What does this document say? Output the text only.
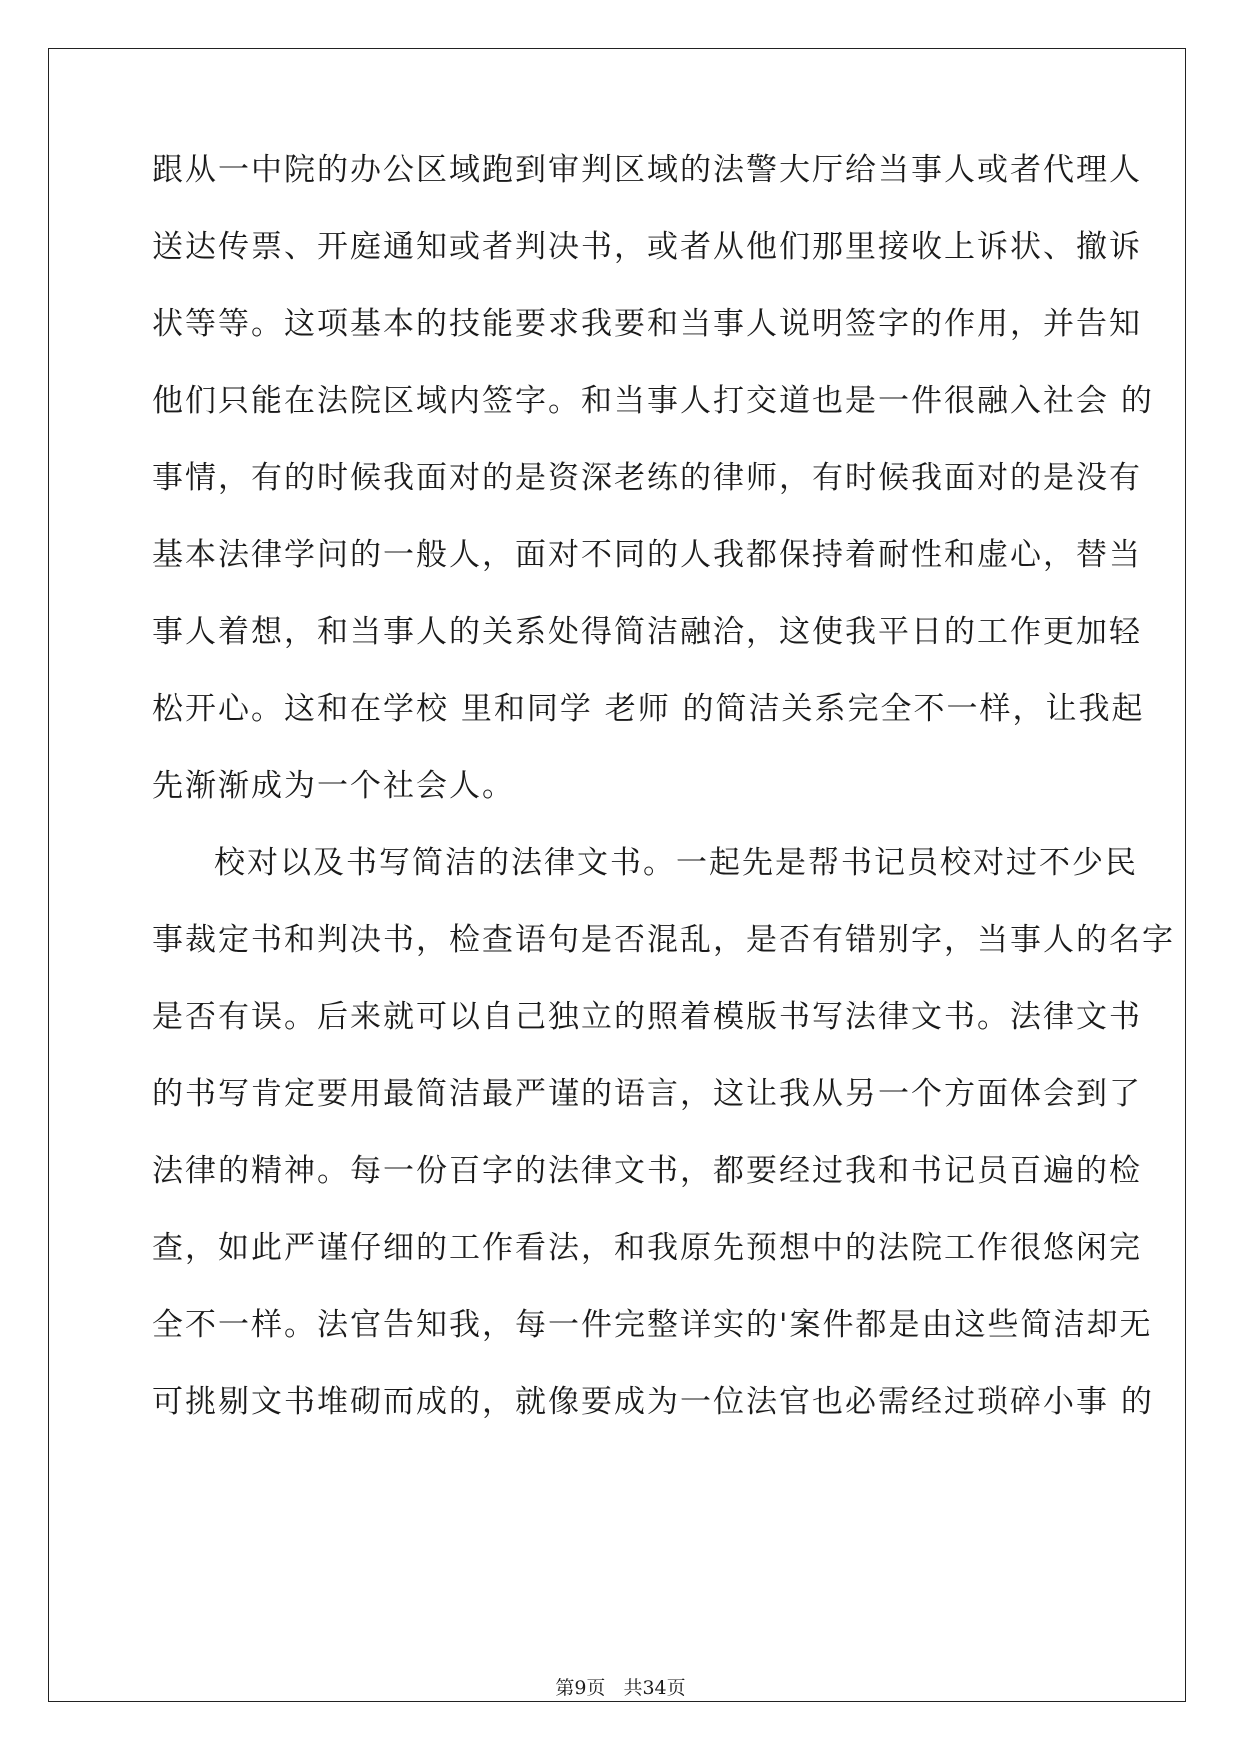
跟从一中院的办公区域跑到审判区域的法警大厅给当事人或者代理人
送达传票、开庭通知或者判决书，或者从他们那里接收上诉状、撤诉
状等等。这项基本的技能要求我要和当事人说明签字的作用，并告知
他们只能在法院区域内签字。和当事人打交道也是一件很融入社会 的
事情，有的时候我面对的是资深老练的律师，有时候我面对的是没有
基本法律学问的一般人，面对不同的人我都保持着耐性和虚心，替当
事人着想，和当事人的关系处得简洁融洽，这使我平日的工作更加轻
松开心。这和在学校 里和同学 老师 的简洁关系完全不一样，让我起
先渐渐成为一个社会人。
校对以及书写简洁的法律文书。一起先是帮书记员校对过不少民
事裁定书和判决书，检查语句是否混乱，是否有错别字，当事人的名字
是否有误。后来就可以自己独立的照着模版书写法律文书。法律文书
的书写肯定要用最简洁最严谨的语言，这让我从另一个方面体会到了
法律的精神。每一份百字的法律文书，都要经过我和书记员百遍的检
查，如此严谨仔细的工作看法，和我原先预想中的法院工作很悠闲完
全不一样。法官告知我，每一件完整详实的'案件都是由这些简洁却无
可挑剔文书堆砌而成的，就像要成为一位法官也必需经过琐碎小事 的
第9页 共34页
